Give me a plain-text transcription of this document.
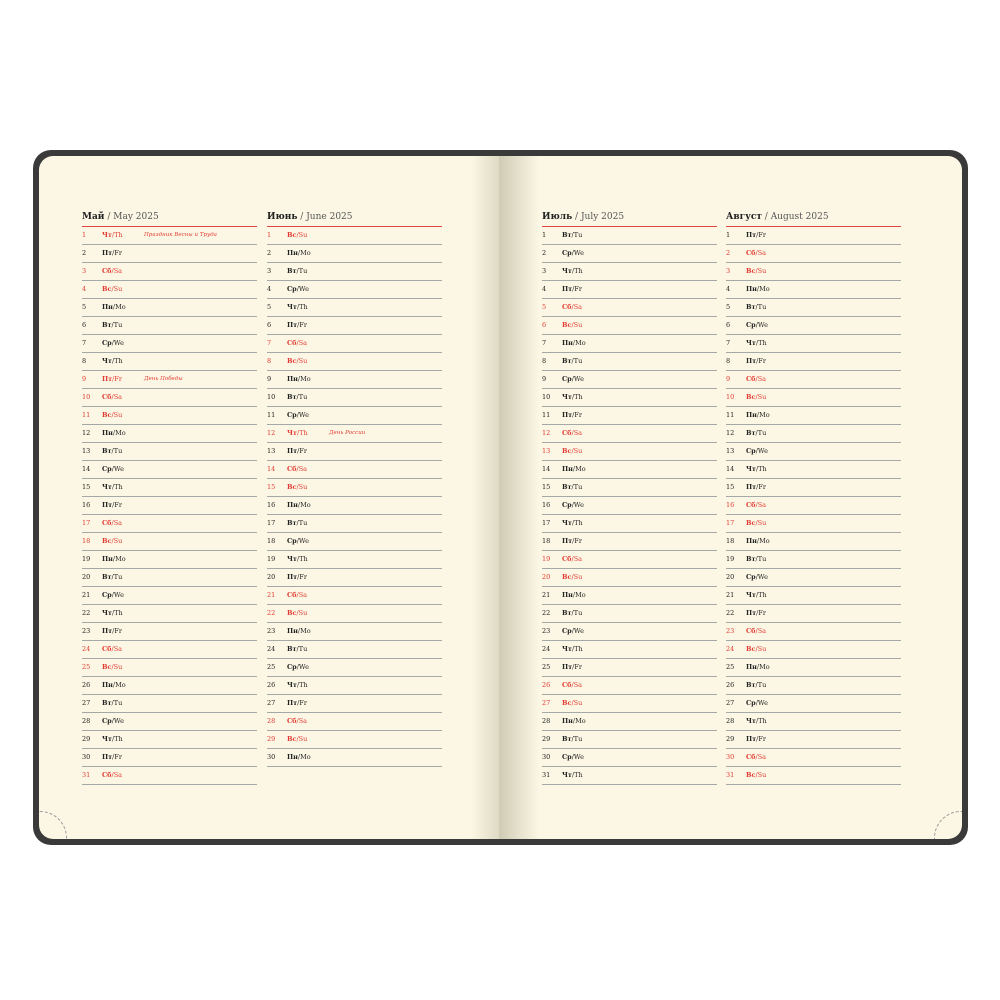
Май / May 2025
1	Чт/Th	Праздник Весны и Труда
2	Пт/Fr
3	Сб/Sa
4	Вс/Su
5	Пн/Mo
6	Вт/Tu
7	Ср/We
8	Чт/Th
9	Пт/Fr	День Победы
10	Сб/Sa
11	Вс/Su
12	Пн/Mo
13	Вт/Tu
14	Ср/We
15	Чт/Th
16	Пт/Fr
17	Сб/Sa
18	Вс/Su
19	Пн/Mo
20	Вт/Tu
21	Ср/We
22	Чт/Th
23	Пт/Fr
24	Сб/Sa
25	Вс/Su
26	Пн/Mo
27	Вт/Tu
28	Ср/We
29	Чт/Th
30	Пт/Fr
31	Сб/Sa
Июнь / June 2025
1	Вс/Su
2	Пн/Mo
3	Вт/Tu
4	Ср/We
5	Чт/Th
6	Пт/Fr
7	Сб/Sa
8	Вс/Su
9	Пн/Mo
10	Вт/Tu
11	Ср/We
12	Чт/Th	День России
13	Пт/Fr
14	Сб/Sa
15	Вс/Su
16	Пн/Mo
17	Вт/Tu
18	Ср/We
19	Чт/Th
20	Пт/Fr
21	Сб/Sa
22	Вс/Su
23	Пн/Mo
24	Вт/Tu
25	Ср/We
26	Чт/Th
27	Пт/Fr
28	Сб/Sa
29	Вс/Su
30	Пн/Mo
Июль / July 2025
1	Вт/Tu
2	Ср/We
3	Чт/Th
4	Пт/Fr
5	Сб/Sa
6	Вс/Su
7	Пн/Mo
8	Вт/Tu
9	Ср/We
10	Чт/Th
11	Пт/Fr
12	Сб/Sa
13	Вс/Su
14	Пн/Mo
15	Вт/Tu
16	Ср/We
17	Чт/Th
18	Пт/Fr
19	Сб/Sa
20	Вс/Su
21	Пн/Mo
22	Вт/Tu
23	Ср/We
24	Чт/Th
25	Пт/Fr
26	Сб/Sa
27	Вс/Su
28	Пн/Mo
29	Вт/Tu
30	Ср/We
31	Чт/Th
Август / August 2025
1	Пт/Fr
2	Сб/Sa
3	Вс/Su
4	Пн/Mo
5	Вт/Tu
6	Ср/We
7	Чт/Th
8	Пт/Fr
9	Сб/Sa
10	Вс/Su
11	Пн/Mo
12	Вт/Tu
13	Ср/We
14	Чт/Th
15	Пт/Fr
16	Сб/Sa
17	Вс/Su
18	Пн/Mo
19	Вт/Tu
20	Ср/We
21	Чт/Th
22	Пт/Fr
23	Сб/Sa
24	Вс/Su
25	Пн/Mo
26	Вт/Tu
27	Ср/We
28	Чт/Th
29	Пт/Fr
30	Сб/Sa
31	Вс/Su
